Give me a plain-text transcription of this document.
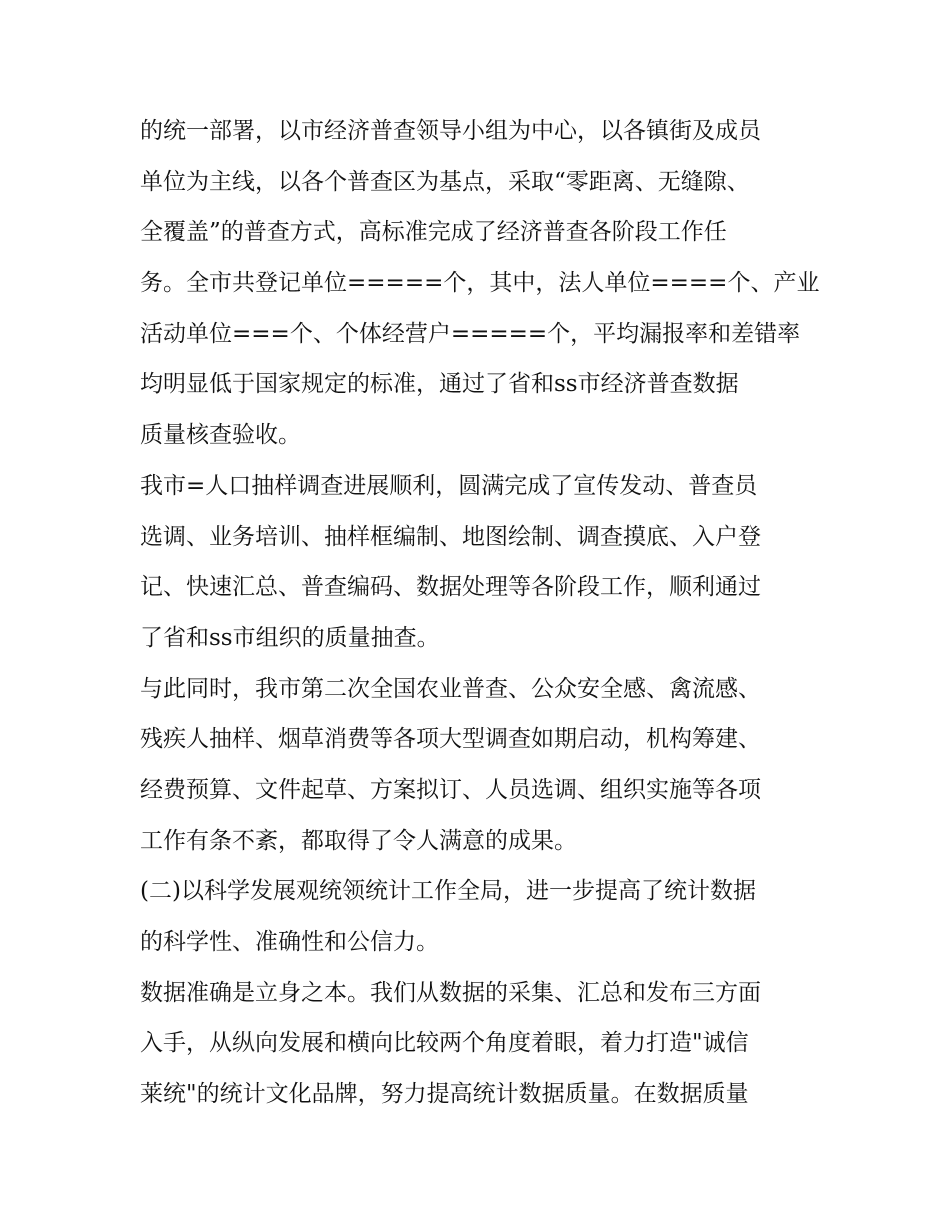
的统一部署，以市经济普查领导小组为中心，以各镇街及成员
单位为主线，以各个普查区为基点，采取“零距离、无缝隙、
全覆盖”的普查方式，高标准完成了经济普查各阶段工作任
务。全市共登记单位=====个，其中，法人单位====个、产业
活动单位===个、个体经营户=====个，平均漏报率和差错率
均明显低于国家规定的标准，通过了省和ss市经济普查数据
质量核查验收。
我市=人口抽样调查进展顺利，圆满完成了宣传发动、普查员
选调、业务培训、抽样框编制、地图绘制、调查摸底、入户登
记、快速汇总、普查编码、数据处理等各阶段工作，顺利通过
了省和ss市组织的质量抽查。
与此同时，我市第二次全国农业普查、公众安全感、禽流感、
残疾人抽样、烟草消费等各项大型调查如期启动，机构筹建、
经费预算、文件起草、方案拟订、人员选调、组织实施等各项
工作有条不紊，都取得了令人满意的成果。
(二)以科学发展观统领统计工作全局，进一步提高了统计数据
的科学性、准确性和公信力。
数据准确是立身之本。我们从数据的采集、汇总和发布三方面
入手，从纵向发展和横向比较两个角度着眼，着力打造"诚信
莱统"的统计文化品牌，努力提高统计数据质量。在数据质量
